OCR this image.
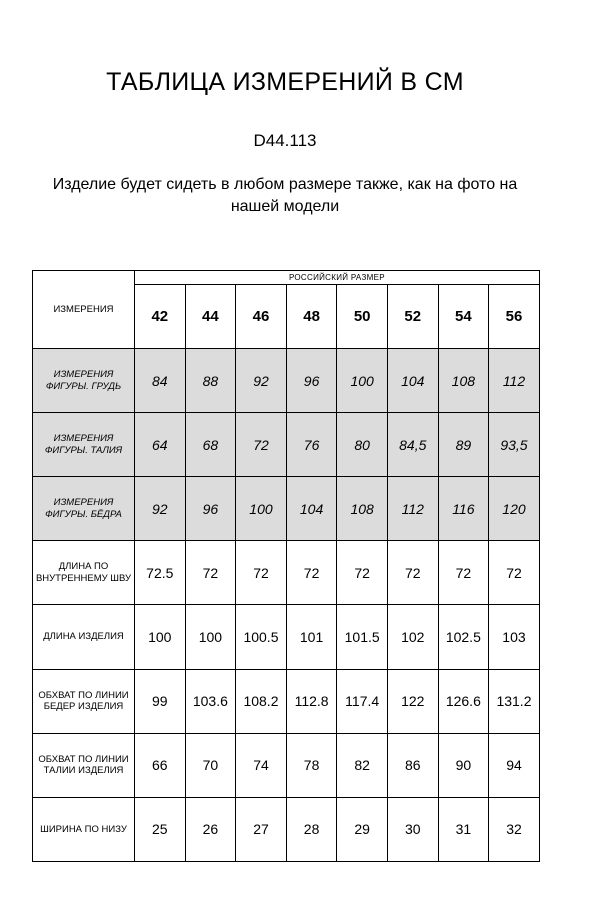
ТАБЛИЦА ИЗМЕРЕНИЙ В СМ
D44.113
Изделие будет сидеть в любом размере также, как на фото на
нашей модели
ИЗМЕРЕНИЯ	РОССИЙСКИЙ РАЗМЕР							
	42	44	46	48	50	52	54	56
ИЗМЕРЕНИЯ ФИГУРЫ. ГРУДЬ	84	88	92	96	100	104	108	112
ИЗМЕРЕНИЯ ФИГУРЫ. ТАЛИЯ	64	68	72	76	80	84,5	89	93,5
ИЗМЕРЕНИЯ ФИГУРЫ. БЁДРА	92	96	100	104	108	112	116	120
ДЛИНА ПО ВНУТРЕННЕМУ ШВУ	72.5	72	72	72	72	72	72	72
ДЛИНА ИЗДЕЛИЯ	100	100	100.5	101	101.5	102	102.5	103
ОБХВАТ ПО ЛИНИИ БЕДЕР ИЗДЕЛИЯ	99	103.6	108.2	112.8	117.4	122	126.6	131.2
ОБХВАТ ПО ЛИНИИ ТАЛИИ ИЗДЕЛИЯ	66	70	74	78	82	86	90	94
ШИРИНА ПО НИЗУ	25	26	27	28	29	30	31	32
